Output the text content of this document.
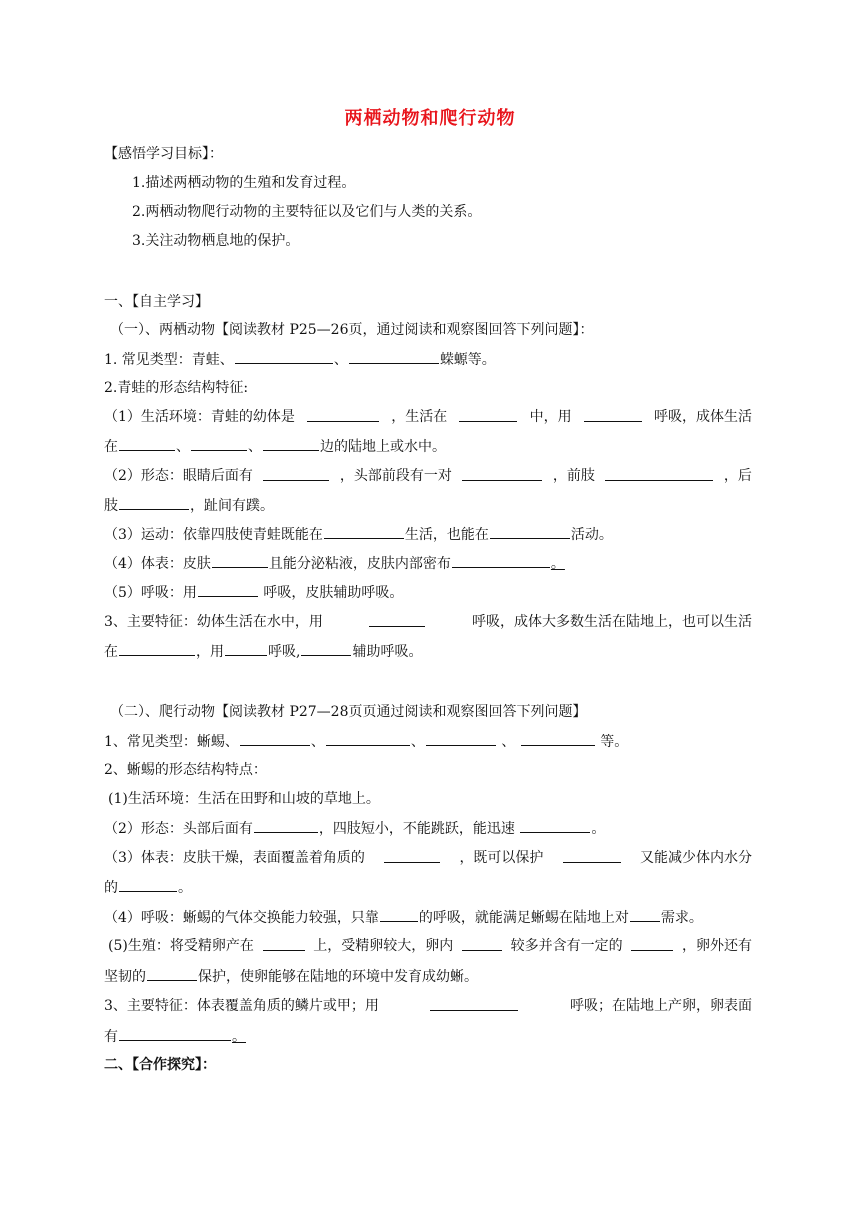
两栖动物和爬行动物
【感悟学习目标】：
1.描述两栖动物的生殖和发育过程。
2.两栖动物爬行动物的主要特征以及它们与人类的关系。
3.关注动物栖息地的保护。
一、【自主学习】
（一）、两栖动物【阅读教材 P25—26页，通过阅读和观察图回答下列问题】：
1. 常见类型：青蛙、	、	蝾螈等。
2.青蛙的形态结构特征:
（1）生活环境：青蛙的幼体是	，生活在	中，用	呼吸，成体生活
在	、	、	边的陆地上或水中。
（2）形态：眼睛后面有	，头部前段有一对	，前肢	，后
肢	，趾间有蹼。
（3）运动：依靠四肢使青蛙既能在	生活，也能在	活动。
（4）体表：皮肤	且能分泌粘液，皮肤内部密布	。
（5）呼吸：用	呼吸，皮肤辅助呼吸。
3、主要特征：幼体生活在水中，用	呼吸，成体大多数生活在陆地上，也可以生活
在	，用	呼吸,	辅助呼吸。
（二）、爬行动物【阅读教材 P27—28页页通过阅读和观察图回答下列问题】
1、常见类型：蜥蜴、	、	、	、	等。
2、蜥蜴的形态结构特点：
(1)生活环境：生活在田野和山坡的草地上。
（2）形态：头部后面有	，四肢短小，不能跳跃，能迅速	。
（3）体表：皮肤干燥，表面覆盖着角质的	，既可以保护	又能减少体内水分
的	。
（4）呼吸：蜥蜴的气体交换能力较强，只靠	的呼吸，就能满足蜥蜴在陆地上对 需求。
(5)生殖：将受精卵产在	上，受精卵较大，卵内	较多并含有一定的	，卵外还有
坚韧的	保护，使卵能够在陆地的环境中发育成幼蜥。
3、主要特征：体表覆盖角质的鳞片或甲；用	呼吸；在陆地上产卵，卵表面
有	。
二、【合作探究】：
